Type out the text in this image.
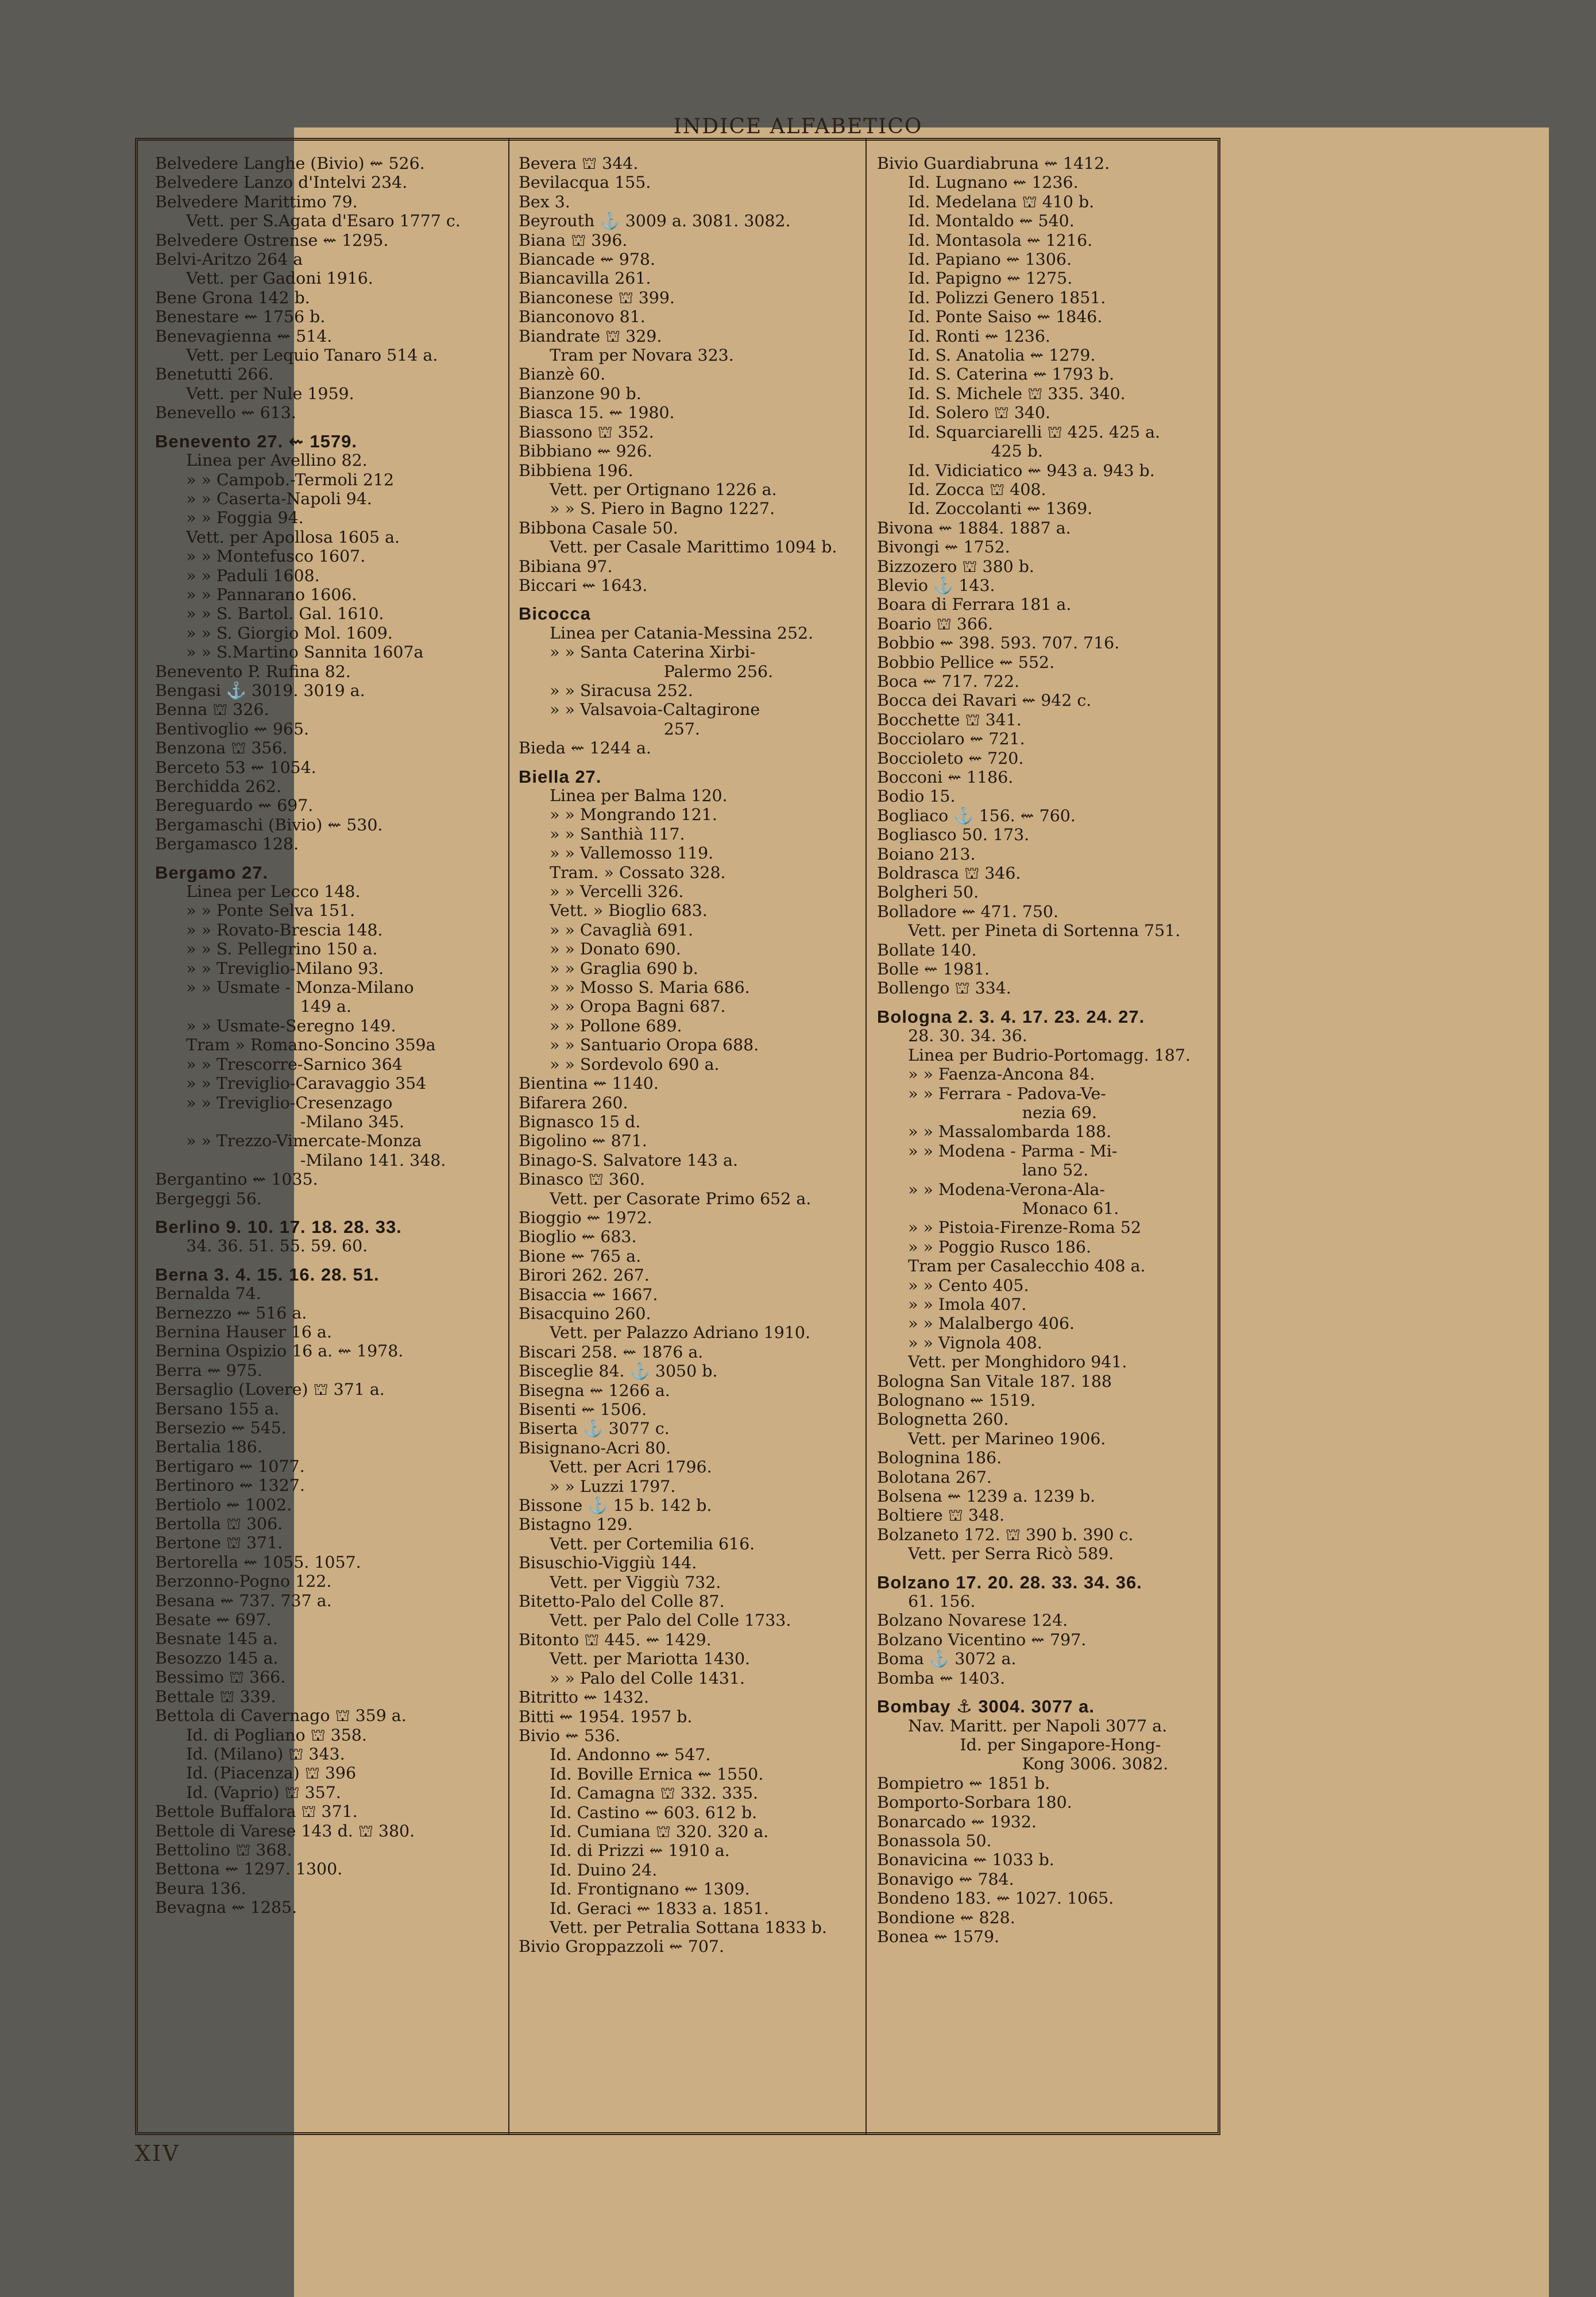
INDICE ALFABETICO
Belvedere Langhe (Bivio) ⇜ 526.
Belvedere Lanzo d'Intelvi 234.
Belvedere Marittimo 79.
Vett. per S.Agata d'Esaro 1777 c.
Belvedere Ostrense ⇜ 1295.
Belvi-Aritzo 264 a
Vett. per Gadoni 1916.
Bene Grona 142 b.
Benestare ⇜ 1756 b.
Benevagienna ⇜ 514.
Vett. per Lequio Tanaro 514 a.
Benetutti 266.
Vett. per Nule 1959.
Benevello ⇜ 613.
Benevento 27. ⇜ 1579.
Linea per Avellino 82.
» » Campob.-Termoli 212
» » Caserta-Napoli 94.
» » Foggia 94.
Vett. per Apollosa 1605 a.
» » Montefusco 1607.
» » Paduli 1608.
» » Pannarano 1606.
» » S. Bartol. Gal. 1610.
» » S. Giorgio Mol. 1609.
» » S.Martino Sannita 1607a
Benevento P. Rufina 82.
Bengasi ⚓ 3019. 3019 a.
Benna ⛫ 326.
Bentivoglio ⇜ 965.
Benzona ⛫ 356.
Berceto 53 ⇜ 1054.
Berchidda 262.
Bereguardo ⇜ 697.
Bergamaschi (Bivio) ⇜ 530.
Bergamasco 128.
Bergamo 27.
Linea per Lecco 148.
» » Ponte Selva 151.
» » Rovato-Brescia 148.
» » S. Pellegrino 150 a.
» » Treviglio-Milano 93.
» » Usmate - Monza-Milano
149 a.
» » Usmate-Seregno 149.
Tram » Romano-Soncino 359a
» » Trescorre-Sarnico 364
» » Treviglio-Caravaggio 354
» » Treviglio-Cresenzago
-Milano 345.
» » Trezzo-Vimercate-Monza
-Milano 141. 348.
Bergantino ⇜ 1035.
Bergeggi 56.
Berlino 9. 10. 17. 18. 28. 33.
34. 36. 51. 55. 59. 60.
Berna 3. 4. 15. 16. 28. 51.
Bernalda 74.
Bernezzo ⇜ 516 a.
Bernina Hauser 16 a.
Bernina Ospizio 16 a. ⇜ 1978.
Berra ⇜ 975.
Bersaglio (Lovere) ⛫ 371 a.
Bersano 155 a.
Bersezio ⇜ 545.
Bertalia 186.
Bertigaro ⇜ 1077.
Bertinoro ⇜ 1327.
Bertiolo ⇜ 1002.
Bertolla ⛫ 306.
Bertone ⛫ 371.
Bertorella ⇜ 1055. 1057.
Berzonno-Pogno 122.
Besana ⇜ 737. 737 a.
Besate ⇜ 697.
Besnate 145 a.
Besozzo 145 a.
Bessimo ⛫ 366.
Bettale ⛫ 339.
Bettola di Cavernago ⛫ 359 a.
Id. di Pogliano ⛫ 358.
Id. (Milano) ⛫ 343.
Id. (Piacenza) ⛫ 396
Id. (Vaprio) ⛫ 357.
Bettole Buffalora ⛫ 371.
Bettole di Varese 143 d. ⛫ 380.
Bettolino ⛫ 368.
Bettona ⇜ 1297. 1300.
Beura 136.
Bevagna ⇜ 1285.
Bevera ⛫ 344.
Bevilacqua 155.
Bex 3.
Beyrouth ⚓ 3009 a. 3081. 3082.
Biana ⛫ 396.
Biancade ⇜ 978.
Biancavilla 261.
Bianconese ⛫ 399.
Bianconovo 81.
Biandrate ⛫ 329.
Tram per Novara 323.
Bianzè 60.
Bianzone 90 b.
Biasca 15. ⇜ 1980.
Biassono ⛫ 352.
Bibbiano ⇜ 926.
Bibbiena 196.
Vett. per Ortignano 1226 a.
» » S. Piero in Bagno 1227.
Bibbona Casale 50.
Vett. per Casale Marittimo 1094 b.
Bibiana 97.
Biccari ⇜ 1643.
Bicocca
Linea per Catania-Messina 252.
» » Santa Caterina Xirbi-
Palermo 256.
» » Siracusa 252.
» » Valsavoia-Caltagirone
257.
Bieda ⇜ 1244 a.
Biella 27.
Linea per Balma 120.
» » Mongrando 121.
» » Santhià 117.
» » Vallemosso 119.
Tram. » Cossato 328.
» » Vercelli 326.
Vett. » Bioglio 683.
» » Cavaglià 691.
» » Donato 690.
» » Graglia 690 b.
» » Mosso S. Maria 686.
» » Oropa Bagni 687.
» » Pollone 689.
» » Santuario Oropa 688.
» » Sordevolo 690 a.
Bientina ⇜ 1140.
Bifarera 260.
Bignasco 15 d.
Bigolino ⇜ 871.
Binago-S. Salvatore 143 a.
Binasco ⛫ 360.
Vett. per Casorate Primo 652 a.
Bioggio ⇜ 1972.
Bioglio ⇜ 683.
Bione ⇜ 765 a.
Birori 262. 267.
Bisaccia ⇜ 1667.
Bisacquino 260.
Vett. per Palazzo Adriano 1910.
Biscari 258. ⇜ 1876 a.
Bisceglie 84. ⚓ 3050 b.
Bisegna ⇜ 1266 a.
Bisenti ⇜ 1506.
Biserta ⚓ 3077 c.
Bisignano-Acri 80.
Vett. per Acri 1796.
» » Luzzi 1797.
Bissone ⚓ 15 b. 142 b.
Bistagno 129.
Vett. per Cortemilia 616.
Bisuschio-Viggiù 144.
Vett. per Viggiù 732.
Bitetto-Palo del Colle 87.
Vett. per Palo del Colle 1733.
Bitonto ⛫ 445. ⇜ 1429.
Vett. per Mariotta 1430.
» » Palo del Colle 1431.
Bitritto ⇜ 1432.
Bitti ⇜ 1954. 1957 b.
Bivio ⇜ 536.
Id. Andonno ⇜ 547.
Id. Boville Ernica ⇜ 1550.
Id. Camagna ⛫ 332. 335.
Id. Castino ⇜ 603. 612 b.
Id. Cumiana ⛫ 320. 320 a.
Id. di Prizzi ⇜ 1910 a.
Id. Duino 24.
Id. Frontignano ⇜ 1309.
Id. Geraci ⇜ 1833 a. 1851.
Vett. per Petralia Sottana 1833 b.
Bivio Groppazzoli ⇜ 707.
Bivio Guardiabruna ⇜ 1412.
Id. Lugnano ⇜ 1236.
Id. Medelana ⛫ 410 b.
Id. Montaldo ⇜ 540.
Id. Montasola ⇜ 1216.
Id. Papiano ⇜ 1306.
Id. Papigno ⇜ 1275.
Id. Polizzi Genero 1851.
Id. Ponte Saiso ⇜ 1846.
Id. Ronti ⇜ 1236.
Id. S. Anatolia ⇜ 1279.
Id. S. Caterina ⇜ 1793 b.
Id. S. Michele ⛫ 335. 340.
Id. Solero ⛫ 340.
Id. Squarciarelli ⛫ 425. 425 a.
425 b.
Id. Vidiciatico ⇜ 943 a. 943 b.
Id. Zocca ⛫ 408.
Id. Zoccolanti ⇜ 1369.
Bivona ⇜ 1884. 1887 a.
Bivongi ⇜ 1752.
Bizzozero ⛫ 380 b.
Blevio ⚓ 143.
Boara di Ferrara 181 a.
Boario ⛫ 366.
Bobbio ⇜ 398. 593. 707. 716.
Bobbio Pellice ⇜ 552.
Boca ⇜ 717. 722.
Bocca dei Ravari ⇜ 942 c.
Bocchette ⛫ 341.
Bocciolaro ⇜ 721.
Boccioleto ⇜ 720.
Bocconi ⇜ 1186.
Bodio 15.
Bogliaco ⚓ 156. ⇜ 760.
Bogliasco 50. 173.
Boiano 213.
Boldrasca ⛫ 346.
Bolgheri 50.
Bolladore ⇜ 471. 750.
Vett. per Pineta di Sortenna 751.
Bollate 140.
Bolle ⇜ 1981.
Bollengo ⛫ 334.
Bologna 2. 3. 4. 17. 23. 24. 27.
28. 30. 34. 36.
Linea per Budrio-Portomagg. 187.
» » Faenza-Ancona 84.
» » Ferrara - Padova-Ve-
nezia 69.
» » Massalombarda 188.
» » Modena - Parma - Mi-
lano 52.
» » Modena-Verona-Ala-
Monaco 61.
» » Pistoia-Firenze-Roma 52
» » Poggio Rusco 186.
Tram per Casalecchio 408 a.
» » Cento 405.
» » Imola 407.
» » Malalbergo 406.
» » Vignola 408.
Vett. per Monghidoro 941.
Bologna San Vitale 187. 188
Bolognano ⇜ 1519.
Bolognetta 260.
Vett. per Marineo 1906.
Bolognina 186.
Bolotana 267.
Bolsena ⇜ 1239 a. 1239 b.
Boltiere ⛫ 348.
Bolzaneto 172. ⛫ 390 b. 390 c.
Vett. per Serra Ricò 589.
Bolzano 17. 20. 28. 33. 34. 36.
61. 156.
Bolzano Novarese 124.
Bolzano Vicentino ⇜ 797.
Boma ⚓ 3072 a.
Bomba ⇜ 1403.
Bombay ⚓ 3004. 3077 a.
Nav. Maritt. per Napoli 3077 a.
Id. per Singapore-Hong-
Kong 3006. 3082.
Bompietro ⇜ 1851 b.
Bomporto-Sorbara 180.
Bonarcado ⇜ 1932.
Bonassola 50.
Bonavicina ⇜ 1033 b.
Bonavigo ⇜ 784.
Bondeno 183. ⇜ 1027. 1065.
Bondione ⇜ 828.
Bonea ⇜ 1579.
XIV
